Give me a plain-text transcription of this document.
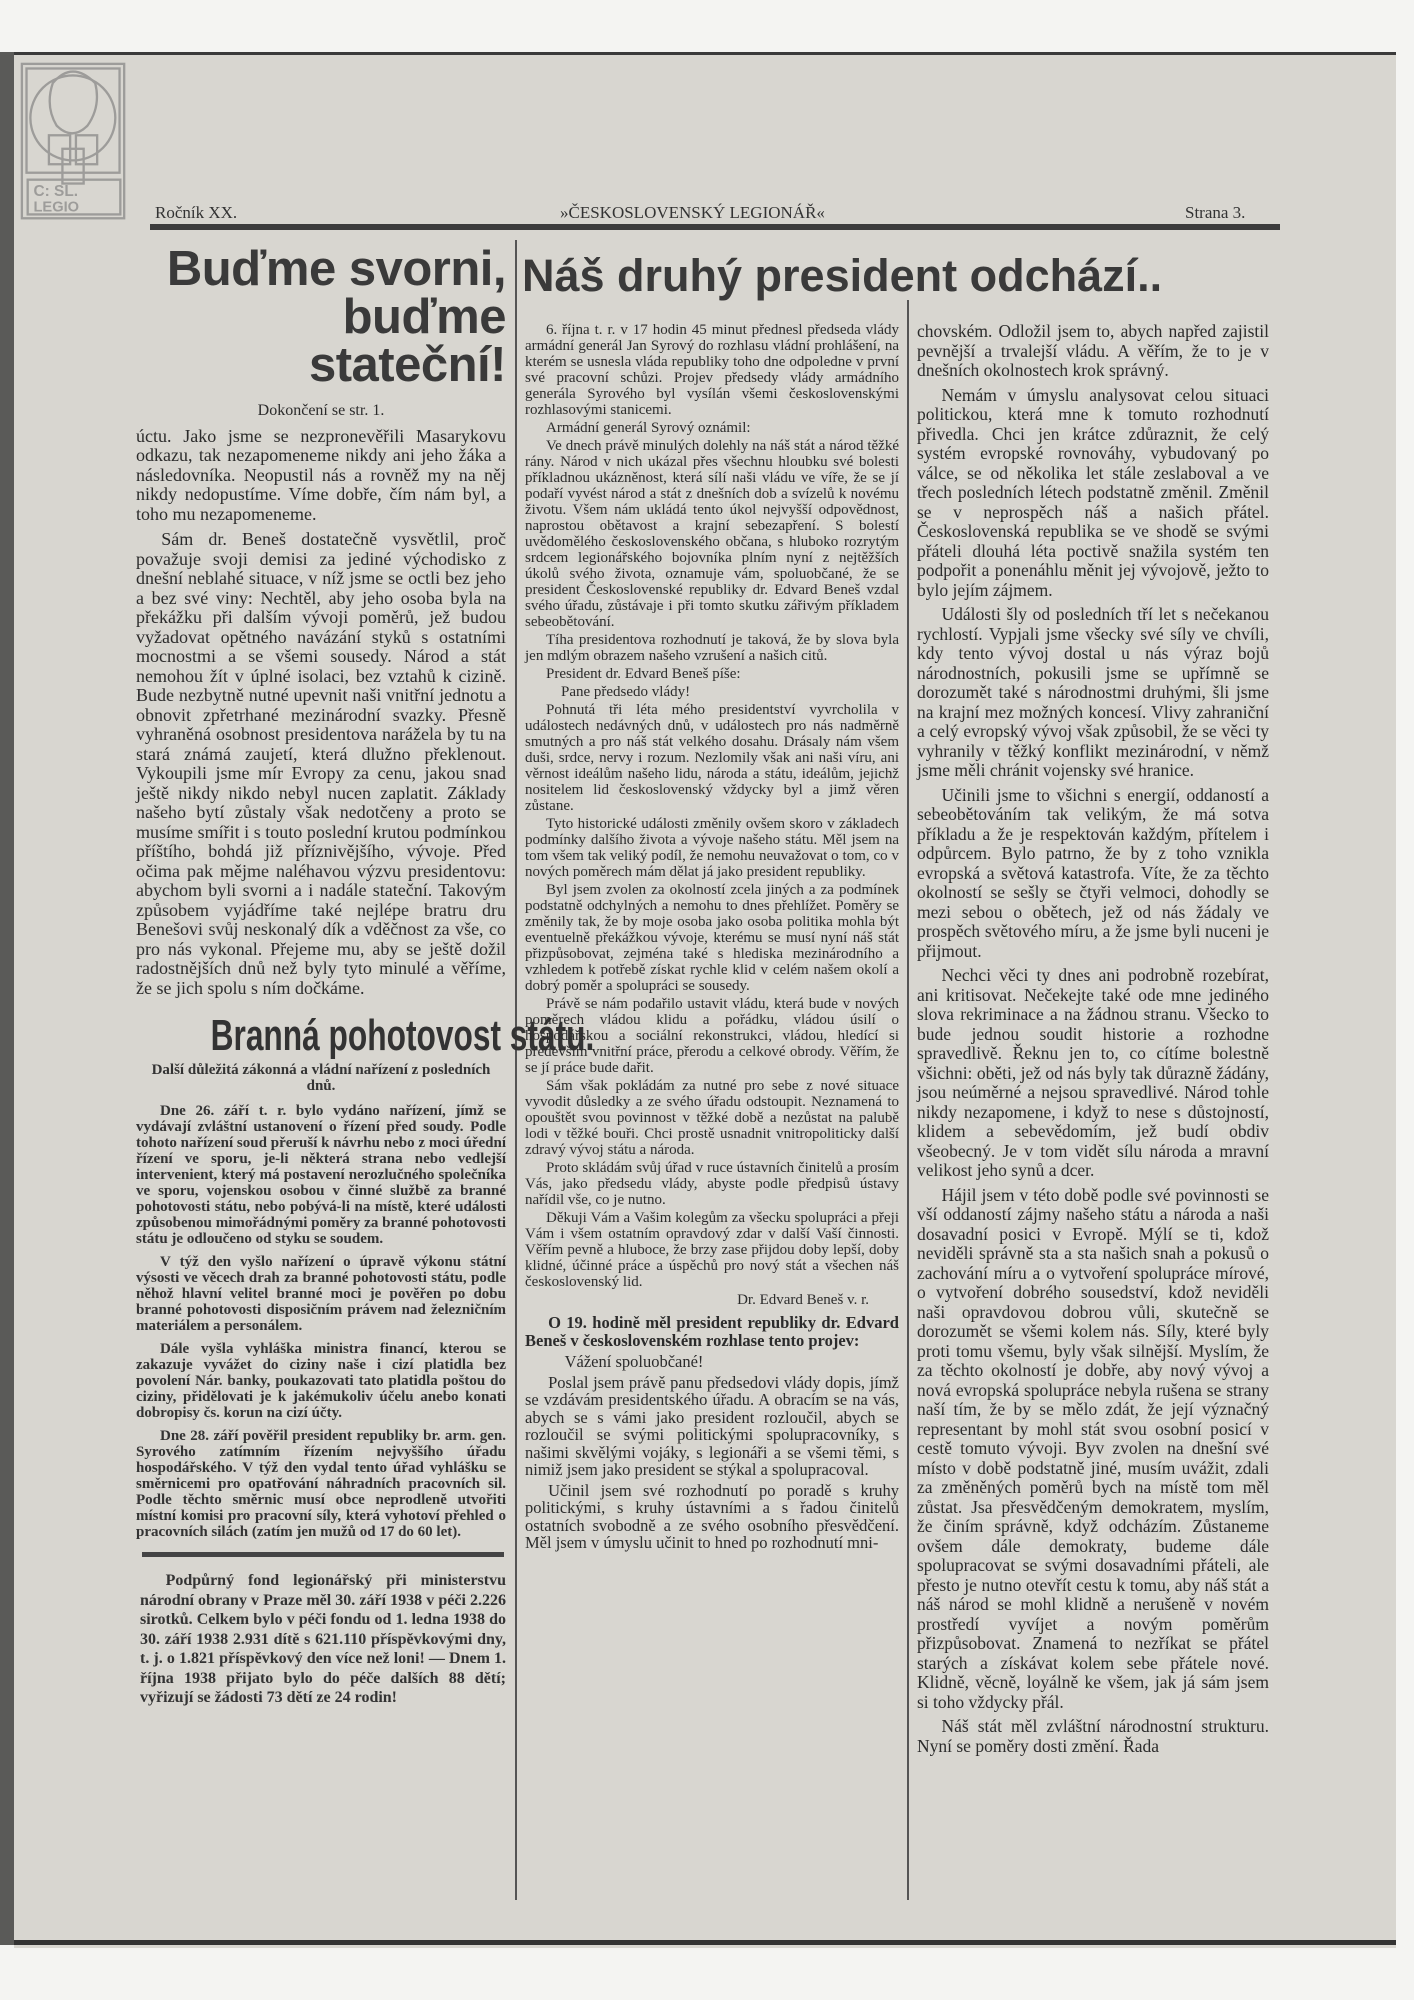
C: SL.
LEGIO	Ročník XX.	»ČESKOSLOVENSKÝ LEGIONÁŘ«	Strana 3.
Buďme svorni,
buďme stateční!

Dokončení se str. 1.

úctu. Jako jsme se nezpronevěřili Masarykovu odkazu, tak nezapomeneme nikdy ani jeho žáka a následovníka. Neopustil nás a rovněž my na něj nikdy nedopustíme. Víme dobře, čím nám byl, a toho mu nezapomeneme.

Sám dr. Beneš dostatečně vysvětlil, proč považuje svoji demisi za jediné východisko z dnešní neblahé situace, v níž jsme se octli bez jeho a bez své viny: Nechtěl, aby jeho osoba byla na překážku při dalším vývoji poměrů, jež budou vyžadovat opětného navázání styků s ostatními mocnostmi a se všemi sousedy. Národ a stát nemohou žít v úplné isolaci, bez vztahů k cizině. Bude nezbytně nutné upevnit naši vnitřní jednotu a obnovit zpřetrhané mezinárodní svazky. Přesně vyhraněná osobnost presidentova narážela by tu na stará známá zaujetí, která dlužno překlenout. Vykoupili jsme mír Evropy za cenu, jakou snad ještě nikdy nikdo nebyl nucen zaplatit. Základy našeho bytí zůstaly však nedotčeny a proto se musíme smířit i s touto poslední krutou podmínkou příštího, bohdá již příznivějšího, vývoje. Před očima pak mějme naléhavou výzvu presidentovu: abychom byli svorni a i nadále stateční. Takovým způsobem vyjádříme také nejlépe bratru dru Benešovi svůj neskonalý dík a vděčnost za vše, co pro nás vykonal. Přejeme mu, aby se ještě dožil radostnějších dnů než byly tyto minulé a věříme, že se jich spolu s ním dočkáme.

Branná pohotovost státu.

Další důležitá zákonná a vládní nařízení z posledních dnů.

Dne 26. září t. r. bylo vydáno nařízení, jímž se vydávají zvláštní ustanovení o řízení před soudy. Podle tohoto nařízení soud přeruší k návrhu nebo z moci úřední řízení ve sporu, je-li některá strana nebo vedlejší intervenient, který má postavení nerozlučného společníka ve sporu, vojenskou osobou v činné službě za branné pohotovosti státu, nebo pobývá-li na místě, které události způsobenou mimořádnými poměry za branné pohotovosti státu je odloučeno od styku se soudem.

V týž den vyšlo nařízení o úpravě výkonu státní výsosti ve věcech drah za branné pohotovosti státu, podle něhož hlavní velitel branné moci je pověřen po dobu branné pohotovosti disposičním právem nad železničním materiálem a personálem.

Dále vyšla vyhláška ministra financí, kterou se zakazuje vyvážet do ciziny naše i cizí platidla bez povolení Nár. banky, poukazovati tato platidla poštou do ciziny, přidělovati je k jakémukoliv účelu anebo konati dobropisy čs. korun na cizí účty.

Dne 28. září pověřil president republiky br. arm. gen. Syrového zatímním řízením nejvyššího úřadu hospodářského. V týž den vydal tento úřad vyhlášku se směrnicemi pro opatřování náhradních pracovních sil. Podle těchto směrnic musí obce neprodleně utvořiti místní komisi pro pracovní síly, která vyhotoví přehled o pracovních silách (zatím jen mužů od 17 do 60 let).

Podpůrný fond legionářský při ministerstvu národní obrany v Praze měl 30. září 1938 v péči 2.226 sirotků. Celkem bylo v péči fondu od 1. ledna 1938 do 30. září 1938 2.931 dítě s 621.110 příspěvkovými dny, t. j. o 1.821 příspěvkový den více než loni! — Dnem 1. října 1938 přijato bylo do péče dalších 88 dětí; vyřizují se žádosti 73 dětí ze 24 rodin!

Náš druhý president odchází..

6. října t. r. v 17 hodin 45 minut přednesl předseda vlády armádní generál Jan Syrový do rozhlasu vládní prohlášení, na kterém se usnesla vláda republiky toho dne odpoledne v první své pracovní schůzi. Projev předsedy vlády armádního generála Syrového byl vysílán všemi československými rozhlasovými stanicemi.

Armádní generál Syrový oznámil:

Ve dnech právě minulých dolehly na náš stát a národ těžké rány. Národ v nich ukázal přes všechnu hloubku své bolesti příkladnou ukázněnost, která sílí naši vládu ve víře, že se jí podaří vyvést národ a stát z dnešních dob a svízelů k novému životu. Všem nám ukládá tento úkol nejvyšší odpovědnost, naprostou obětavost a krajní sebezapření. S bolestí uvědomělého československého občana, s hluboko rozrytým srdcem legionářského bojovníka plním nyní z nejtěžších úkolů svého života, oznamuje vám, spoluobčané, že se president Československé republiky dr. Edvard Beneš vzdal svého úřadu, zůstávaje i při tomto skutku zářivým příkladem sebeobětování.

Tíha presidentova rozhodnutí je taková, že by slova byla jen mdlým obrazem našeho vzrušení a našich citů.

President dr. Edvard Beneš píše:

Pane předsedo vlády!

Pohnutá tři léta mého presidentství vyvrcholila v událostech nedávných dnů, v událostech pro nás nadměrně smutných a pro náš stát velkého dosahu. Drásaly nám všem duši, srdce, nervy i rozum. Nezlomily však ani naši víru, ani věrnost ideálům našeho lidu, národa a státu, ideálům, jejichž nositelem lid československý vždycky byl a jimž věren zůstane.

Tyto historické události změnily ovšem skoro v základech podmínky dalšího života a vývoje našeho státu. Měl jsem na tom všem tak veliký podíl, že nemohu neuvažovat o tom, co v nových poměrech mám dělat já jako president republiky.

Byl jsem zvolen za okolností zcela jiných a za podmínek podstatně odchylných a nemohu to dnes přehlížet. Poměry se změnily tak, že by moje osoba jako osoba politika mohla být eventuelně překážkou vývoje, kterému se musí nyní náš stát přizpůsobovat, zejména také s hlediska mezinárodního a vzhledem k potřebě získat rychle klid v celém našem okolí a dobrý poměr a spolupráci se sousedy.

Právě se nám podařilo ustavit vládu, která bude v nových poměrech vládou klidu a pořádku, vládou úsilí o hospodářskou a sociální rekonstrukci, vládou, hledící si především vnitřní práce, přerodu a celkové obrody. Věřím, že se jí práce bude dařit.

Sám však pokládám za nutné pro sebe z nové situace vyvodit důsledky a ze svého úřadu odstoupit. Neznamená to opouštět svou povinnost v těžké době a nezůstat na palubě lodi v těžké bouři. Chci prostě usnadnit vnitropoliticky další zdravý vývoj státu a národa.

Proto skládám svůj úřad v ruce ústavních činitelů a prosím Vás, jako předsedu vlády, abyste podle předpisů ústavy nařídil vše, co je nutno.

Děkuji Vám a Vašim kolegům za všecku spolupráci a přeji Vám i všem ostatním opravdový zdar v další Vaší činnosti. Věřím pevně a hluboce, že brzy zase přijdou doby lepší, doby klidné, účinné práce a úspěchů pro nový stát a všechen náš československý lid.

Dr. Edvard Beneš v. r.

O 19. hodině měl president republiky dr. Edvard Beneš v československém rozhlase tento projev:

Vážení spoluobčané!

Poslal jsem právě panu předsedovi vlády dopis, jímž se vzdávám presidentského úřadu. A obracím se na vás, abych se s vámi jako president rozloučil, abych se rozloučil se svými politickými spolupracovníky, s našimi skvělými vojáky, s legionáři a se všemi těmi, s nimiž jsem jako president se stýkal a spolupracoval.

Učinil jsem své rozhodnutí po poradě s kruhy politickými, s kruhy ústavními a s řadou činitelů ostatních svobodně a ze svého osobního přesvědčení. Měl jsem v úmyslu učinit to hned po rozhodnutí mni-

chovském. Odložil jsem to, abych napřed zajistil pevnější a trvalejší vládu. A věřím, že to je v dnešních okolnostech krok správný.

Nemám v úmyslu analysovat celou situaci politickou, která mne k tomuto rozhodnutí přivedla. Chci jen krátce zdůraznit, že celý systém evropské rovnováhy, vybudovaný po válce, se od několika let stále zeslaboval a ve třech posledních létech podstatně změnil. Změnil se v neprospěch náš a našich přátel. Československá republika se ve shodě se svými přáteli dlouhá léta poctivě snažila systém ten podpořit a ponenáhlu měnit jej vývojově, ježto to bylo jejím zájmem.

Události šly od posledních tří let s nečekanou rychlostí. Vypjali jsme všecky své síly ve chvíli, kdy tento vývoj dostal u nás výraz bojů národnostních, pokusili jsme se upřímně se dorozumět také s národnostmi druhými, šli jsme na krajní mez možných koncesí. Vlivy zahraniční a celý evropský vývoj však způsobil, že se věci ty vyhranily v těžký konflikt mezinárodní, v němž jsme měli chránit vojensky své hranice.

Učinili jsme to všichni s energií, oddaností a sebeobětováním tak velikým, že má sotva příkladu a že je respektován každým, přítelem i odpůrcem. Bylo patrno, že by z toho vznikla evropská a světová katastrofa. Víte, že za těchto okolností se sešly se čtyři velmoci, dohodly se mezi sebou o obětech, jež od nás žádaly ve prospěch světového míru, a že jsme byli nuceni je přijmout.

Nechci věci ty dnes ani podrobně rozebírat, ani kritisovat. Nečekejte také ode mne jediného slova rekriminace a na žádnou stranu. Všecko to bude jednou soudit historie a rozhodne spravedlivě. Řeknu jen to, co cítíme bolestně všichni: oběti, jež od nás byly tak důrazně žádány, jsou neúměrné a nejsou spravedlivé. Národ tohle nikdy nezapomene, i když to nese s důstojností, klidem a sebevědomím, jež budí obdiv všeobecný. Je v tom vidět sílu národa a mravní velikost jeho synů a dcer.

Hájil jsem v této době podle své povinnosti se vší oddaností zájmy našeho státu a národa a naši dosavadní posici v Evropě. Mýlí se ti, kdož neviděli správně sta a sta našich snah a pokusů o zachování míru a o vytvoření spolupráce mírové, o vytvoření dobrého sousedství, kdož neviděli naši opravdovou dobrou vůli, skutečně se dorozumět se všemi kolem nás. Síly, které byly proti tomu všemu, byly však silnější. Myslím, že za těchto okolností je dobře, aby nový vývoj a nová evropská spolupráce nebyla rušena se strany naší tím, že by se mělo zdát, že její význačný representant by mohl stát svou osobní posicí v cestě tomuto vývoji. Byv zvolen na dnešní své místo v době podstatně jiné, musím uvážit, zdali za změněných poměrů bych na místě tom měl zůstat. Jsa přesvědčeným demokratem, myslím, že činím správně, když odcházím. Zůstaneme ovšem dále demokraty, budeme dále spolupracovat se svými dosavadními přáteli, ale přesto je nutno otevřít cestu k tomu, aby náš stát a náš národ se mohl klidně a nerušeně v novém prostředí vyvíjet a novým poměrům přizpůsobovat. Znamená to nezříkat se přátel starých a získávat kolem sebe přátele nové. Klidně, věcně, loyálně ke všem, jak já sám jsem si toho vždycky přál.

Náš stát měl zvláštní národnostní strukturu. Nyní se poměry dosti změní. Řada
